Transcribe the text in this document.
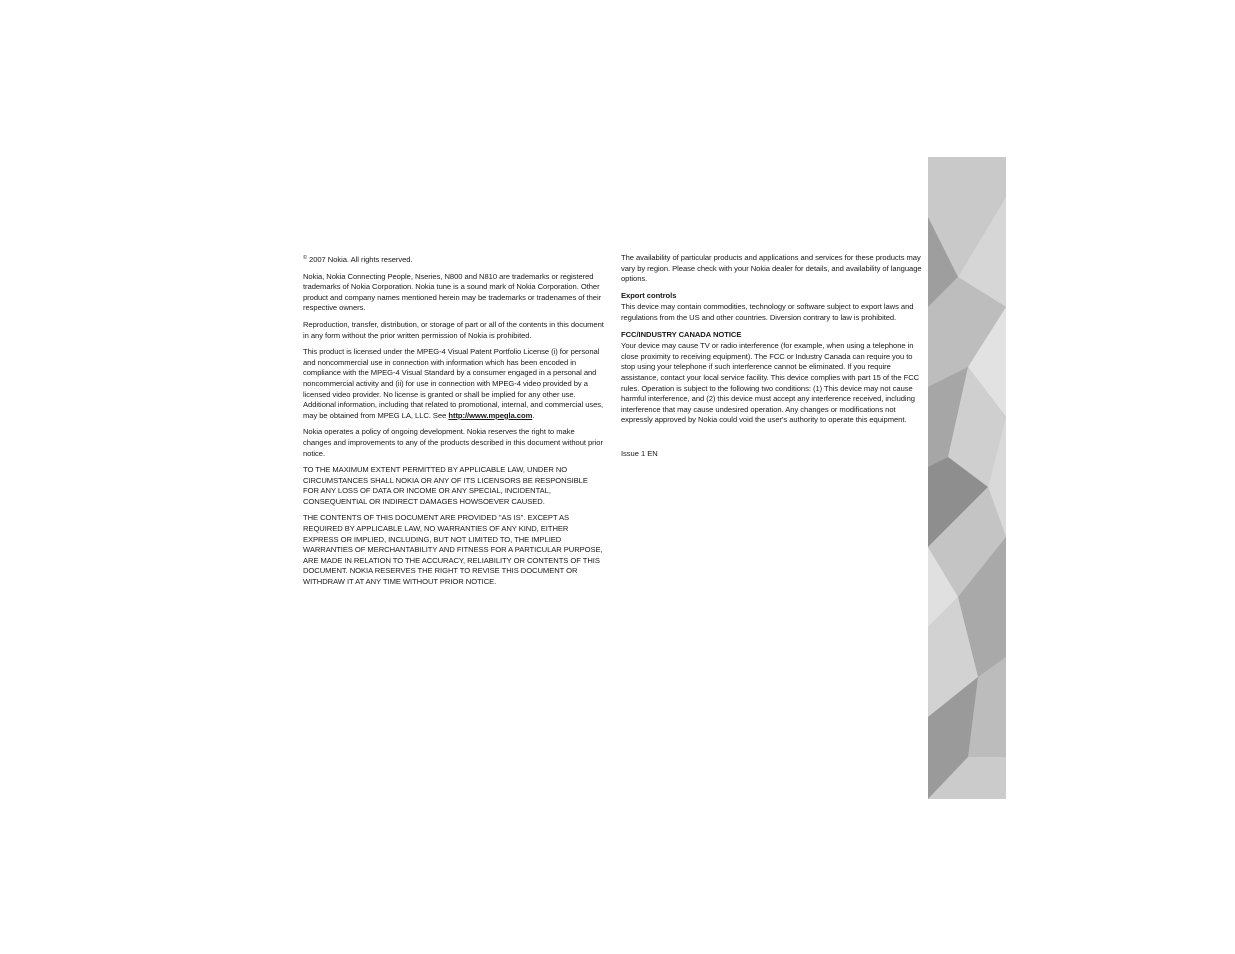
© 2007 Nokia. All rights reserved.

Nokia, Nokia Connecting People, Nseries, N800 and N810 are trademarks or registered trademarks of Nokia Corporation. Nokia tune is a sound mark of Nokia Corporation. Other product and company names mentioned herein may be trademarks or tradenames of their respective owners.

Reproduction, transfer, distribution, or storage of part or all of the contents in this document in any form without the prior written permission of Nokia is prohibited.

This product is licensed under the MPEG-4 Visual Patent Portfolio License (i) for personal and noncommercial use in connection with information which has been encoded in compliance with the MPEG-4 Visual Standard by a consumer engaged in a personal and noncommercial activity and (ii) for use in connection with MPEG-4 video provided by a licensed video provider. No license is granted or shall be implied for any other use. Additional information, including that related to promotional, internal, and commercial uses, may be obtained from MPEG LA, LLC. See http://www.mpegla.com.

Nokia operates a policy of ongoing development. Nokia reserves the right to make changes and improvements to any of the products described in this document without prior notice.

TO THE MAXIMUM EXTENT PERMITTED BY APPLICABLE LAW, UNDER NO CIRCUMSTANCES SHALL NOKIA OR ANY OF ITS LICENSORS BE RESPONSIBLE FOR ANY LOSS OF DATA OR INCOME OR ANY SPECIAL, INCIDENTAL, CONSEQUENTIAL OR INDIRECT DAMAGES HOWSOEVER CAUSED.

THE CONTENTS OF THIS DOCUMENT ARE PROVIDED "AS IS". EXCEPT AS REQUIRED BY APPLICABLE LAW, NO WARRANTIES OF ANY KIND, EITHER EXPRESS OR IMPLIED, INCLUDING, BUT NOT LIMITED TO, THE IMPLIED WARRANTIES OF MERCHANTABILITY AND FITNESS FOR A PARTICULAR PURPOSE, ARE MADE IN RELATION TO THE ACCURACY, RELIABILITY OR CONTENTS OF THIS DOCUMENT. NOKIA RESERVES THE RIGHT TO REVISE THIS DOCUMENT OR WITHDRAW IT AT ANY TIME WITHOUT PRIOR NOTICE.

The availability of particular products and applications and services for these products may vary by region. Please check with your Nokia dealer for details, and availability of language options.

Export controls
This device may contain commodities, technology or software subject to export laws and regulations from the US and other countries. Diversion contrary to law is prohibited.
FCC/INDUSTRY CANADA NOTICE
Your device may cause TV or radio interference (for example, when using a telephone in close proximity to receiving equipment). The FCC or Industry Canada can require you to stop using your telephone if such interference cannot be eliminated. If you require assistance, contact your local service facility. This device complies with part 15 of the FCC rules. Operation is subject to the following two conditions: (1) This device may not cause harmful interference, and (2) this device must accept any interference received, including interference that may cause undesired operation. Any changes or modifications not expressly approved by Nokia could void the user's authority to operate this equipment.
Issue 1 EN
